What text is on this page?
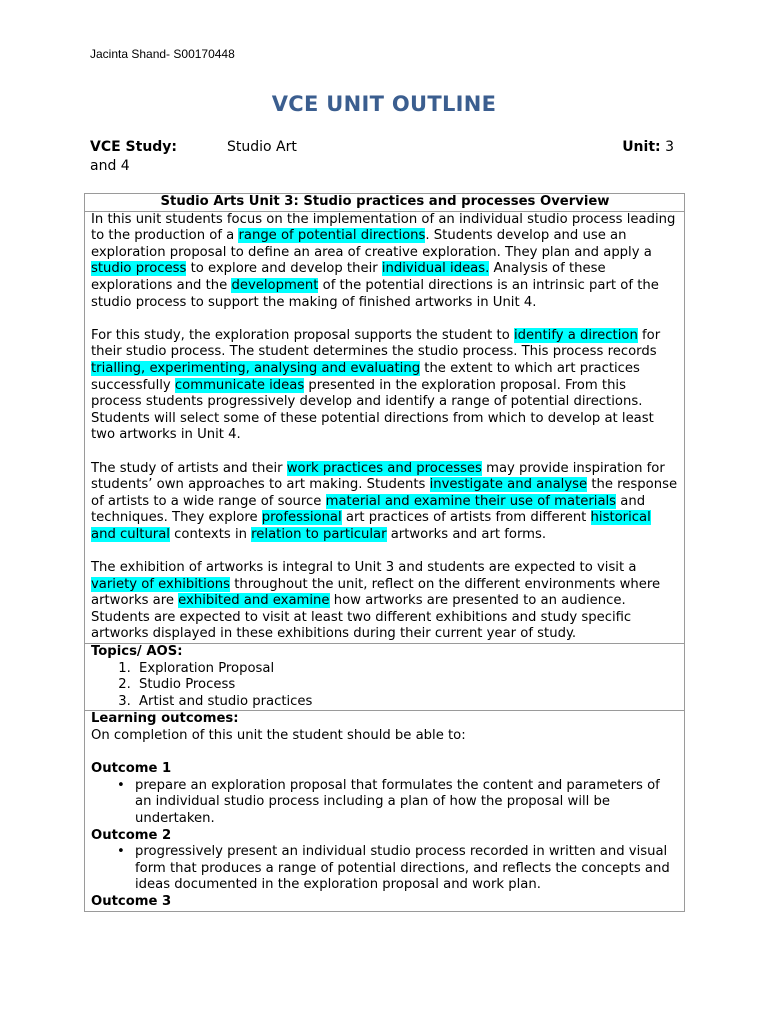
Jacinta Shand- S00170448
VCE UNIT OUTLINE
VCE Study:	Studio Art	Unit: 3
and 4
Studio Arts Unit 3: Studio practices and processes Overview

In this unit students focus on the implementation of an individual studio process leading to the production of a range of potential directions. Students develop and use an exploration proposal to define an area of creative exploration. They plan and apply a studio process to explore and develop their individual ideas. Analysis of these explorations and the development of the potential directions is an intrinsic part of the studio process to support the making of finished artworks in Unit 4.

For this study, the exploration proposal supports the student to identify a direction for their studio process. The student determines the studio process. This process records trialling, experimenting, analysing and evaluating the extent to which art practices successfully communicate ideas presented in the exploration proposal. From this process students progressively develop and identify a range of potential directions. Students will select some of these potential directions from which to develop at least two artworks in Unit 4.

The study of artists and their work practices and processes may provide inspiration for students’ own approaches to art making. Students investigate and analyse the response of artists to a wide range of source material and examine their use of materials and techniques. They explore professional art practices of artists from different historical and cultural contexts in relation to particular artworks and art forms.

The exhibition of artworks is integral to Unit 3 and students are expected to visit a variety of exhibitions throughout the unit, reflect on the different environments where artworks are exhibited and examine how artworks are presented to an audience. Students are expected to visit at least two different exhibitions and study specific artworks displayed in these exhibitions during their current year of study.

Topics/ AOS:
1. Exploration Proposal
2. Studio Process
3. Artist and studio practices

Learning outcomes:
On completion of this unit the student should be able to:
Outcome 1
• prepare an exploration proposal that formulates the content and parameters of an individual studio process including a plan of how the proposal will be undertaken.
Outcome 2
• progressively present an individual studio process recorded in written and visual form that produces a range of potential directions, and reflects the concepts and ideas documented in the exploration proposal and work plan.
Outcome 3
